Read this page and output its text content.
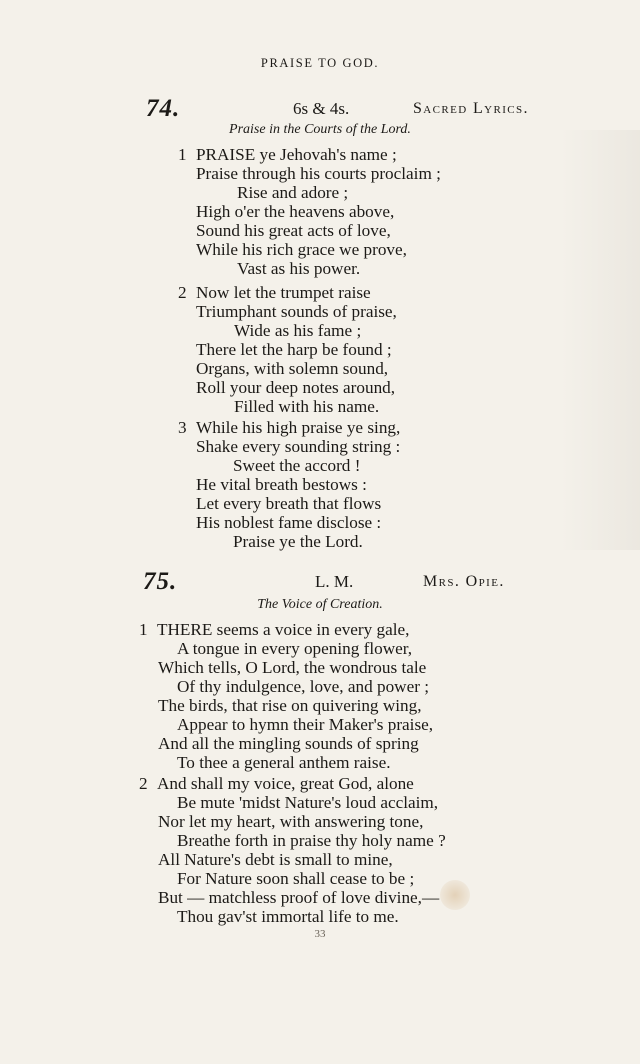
PRAISE TO GOD.
74.	6s & 4s.	Sacred Lyrics.
Praise in the Courts of the Lord.
1 PRAISE ye Jehovah's name ;
Praise through his courts proclaim ;
Rise and adore ;
High o'er the heavens above,
Sound his great acts of love,
While his rich grace we prove,
Vast as his power.
2 Now let the trumpet raise
Triumphant sounds of praise,
Wide as his fame ;
There let the harp be found ;
Organs, with solemn sound,
Roll your deep notes around,
Filled with his name.
3 While his high praise ye sing,
Shake every sounding string :
Sweet the accord !
He vital breath bestows :
Let every breath that flows
His noblest fame disclose :
Praise ye the Lord.
75.	L. M.	Mrs. Opie.
The Voice of Creation.
1 THERE seems a voice in every gale,
A tongue in every opening flower,
Which tells, O Lord, the wondrous tale
Of thy indulgence, love, and power ;
The birds, that rise on quivering wing,
Appear to hymn their Maker's praise,
And all the mingling sounds of spring
To thee a general anthem raise.
2 And shall my voice, great God, alone
Be mute 'midst Nature's loud acclaim,
Nor let my heart, with answering tone,
Breathe forth in praise thy holy name ?
All Nature's debt is small to mine,
For Nature soon shall cease to be ;
But — matchless proof of love divine,—
Thou gav'st immortal life to me.
33
